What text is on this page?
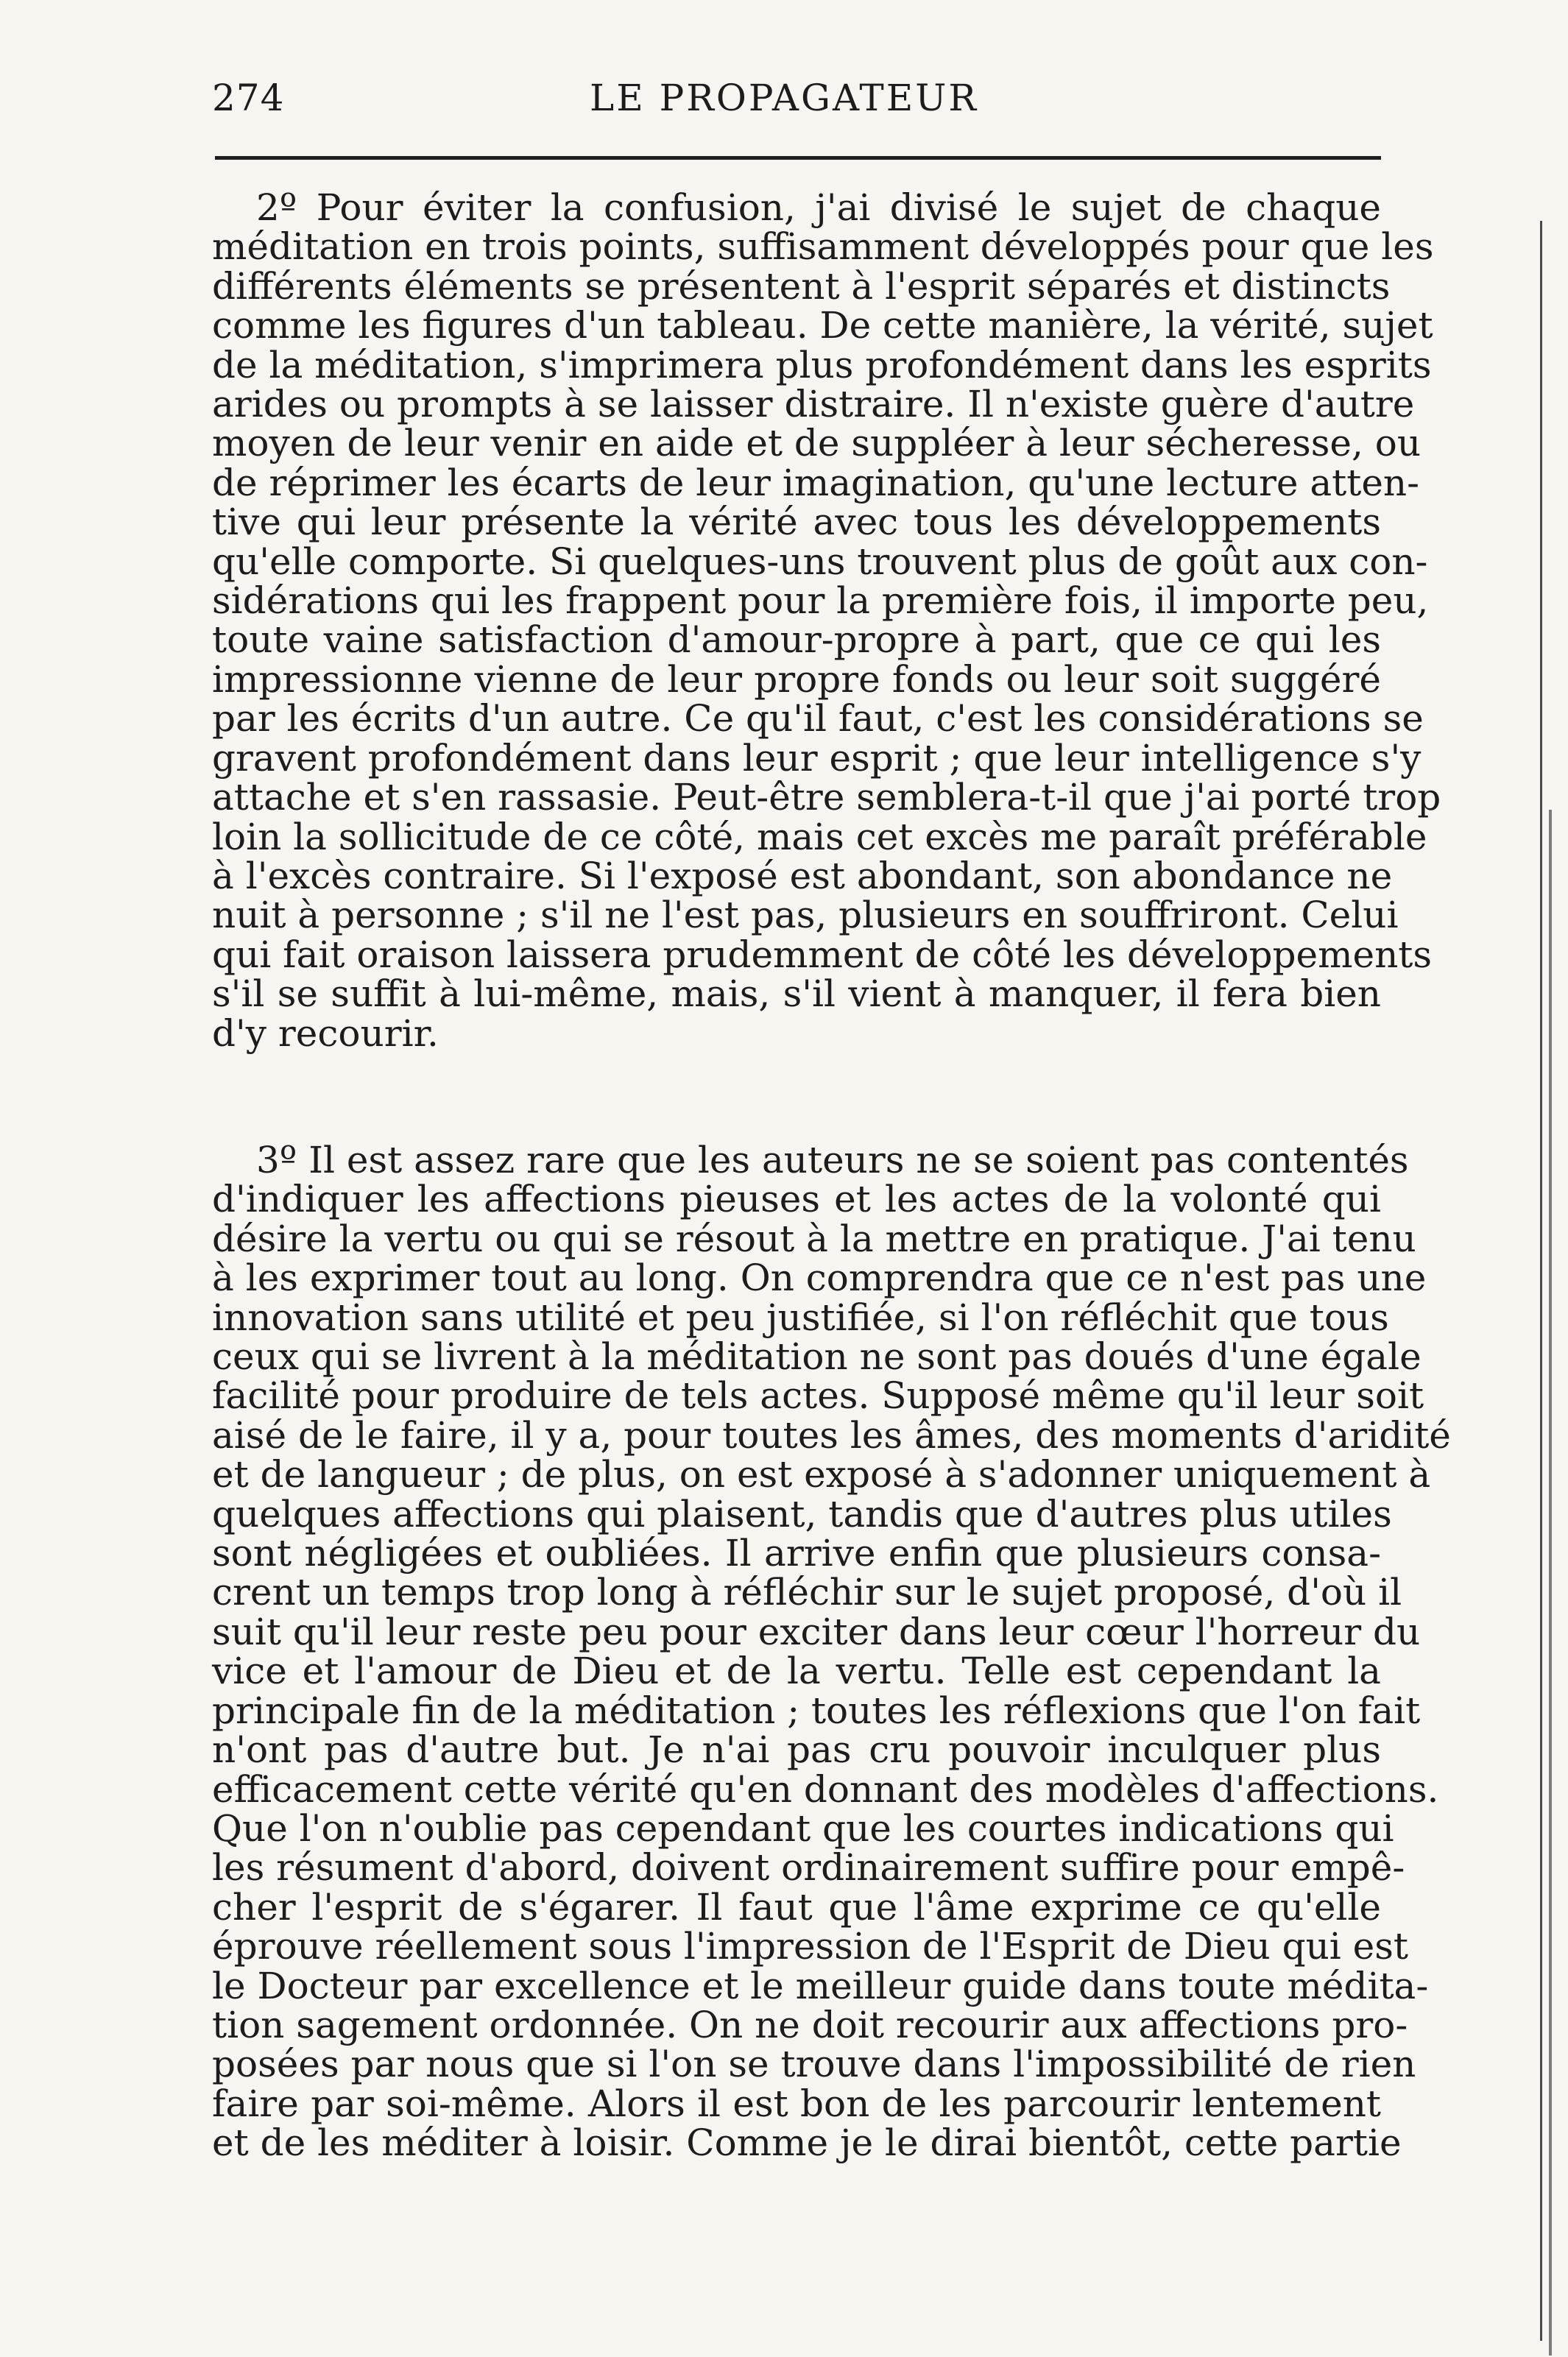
274	LE PROPAGATEUR
2º Pour éviter la confusion, j'ai divisé le sujet de chaque
méditation en trois points, suffisamment développés pour que les
différents éléments se présentent à l'esprit séparés et distincts
comme les figures d'un tableau. De cette manière, la vérité, sujet
de la méditation, s'imprimera plus profondément dans les esprits
arides ou prompts à se laisser distraire. Il n'existe guère d'autre
moyen de leur venir en aide et de suppléer à leur sécheresse, ou
de réprimer les écarts de leur imagination, qu'une lecture atten-
tive qui leur présente la vérité avec tous les développements
qu'elle comporte. Si quelques-uns trouvent plus de goût aux con-
sidérations qui les frappent pour la première fois, il importe peu,
toute vaine satisfaction d'amour-propre à part, que ce qui les
impressionne vienne de leur propre fonds ou leur soit suggéré
par les écrits d'un autre. Ce qu'il faut, c'est les considérations se
gravent profondément dans leur esprit ; que leur intelligence s'y
attache et s'en rassasie. Peut-être semblera-t-il que j'ai porté trop
loin la sollicitude de ce côté, mais cet excès me paraît préférable
à l'excès contraire. Si l'exposé est abondant, son abondance ne
nuit à personne ; s'il ne l'est pas, plusieurs en souffriront. Celui
qui fait oraison laissera prudemment de côté les développements
s'il se suffit à lui-même, mais, s'il vient à manquer, il fera bien
d'y recourir.
3º Il est assez rare que les auteurs ne se soient pas contentés
d'indiquer les affections pieuses et les actes de la volonté qui
désire la vertu ou qui se résout à la mettre en pratique. J'ai tenu
à les exprimer tout au long. On comprendra que ce n'est pas une
innovation sans utilité et peu justifiée, si l'on réfléchit que tous
ceux qui se livrent à la méditation ne sont pas doués d'une égale
facilité pour produire de tels actes. Supposé même qu'il leur soit
aisé de le faire, il y a, pour toutes les âmes, des moments d'aridité
et de langueur ; de plus, on est exposé à s'adonner uniquement à
quelques affections qui plaisent, tandis que d'autres plus utiles
sont négligées et oubliées. Il arrive enfin que plusieurs consa-
crent un temps trop long à réfléchir sur le sujet proposé, d'où il
suit qu'il leur reste peu pour exciter dans leur cœur l'horreur du
vice et l'amour de Dieu et de la vertu. Telle est cependant la
principale fin de la méditation ; toutes les réflexions que l'on fait
n'ont pas d'autre but. Je n'ai pas cru pouvoir inculquer plus
efficacement cette vérité qu'en donnant des modèles d'affections.
Que l'on n'oublie pas cependant que les courtes indications qui
les résument d'abord, doivent ordinairement suffire pour empê-
cher l'esprit de s'égarer. Il faut que l'âme exprime ce qu'elle
éprouve réellement sous l'impression de l'Esprit de Dieu qui est
le Docteur par excellence et le meilleur guide dans toute médita-
tion sagement ordonnée. On ne doit recourir aux affections pro-
posées par nous que si l'on se trouve dans l'impossibilité de rien
faire par soi-même. Alors il est bon de les parcourir lentement
et de les méditer à loisir. Comme je le dirai bientôt, cette partie
